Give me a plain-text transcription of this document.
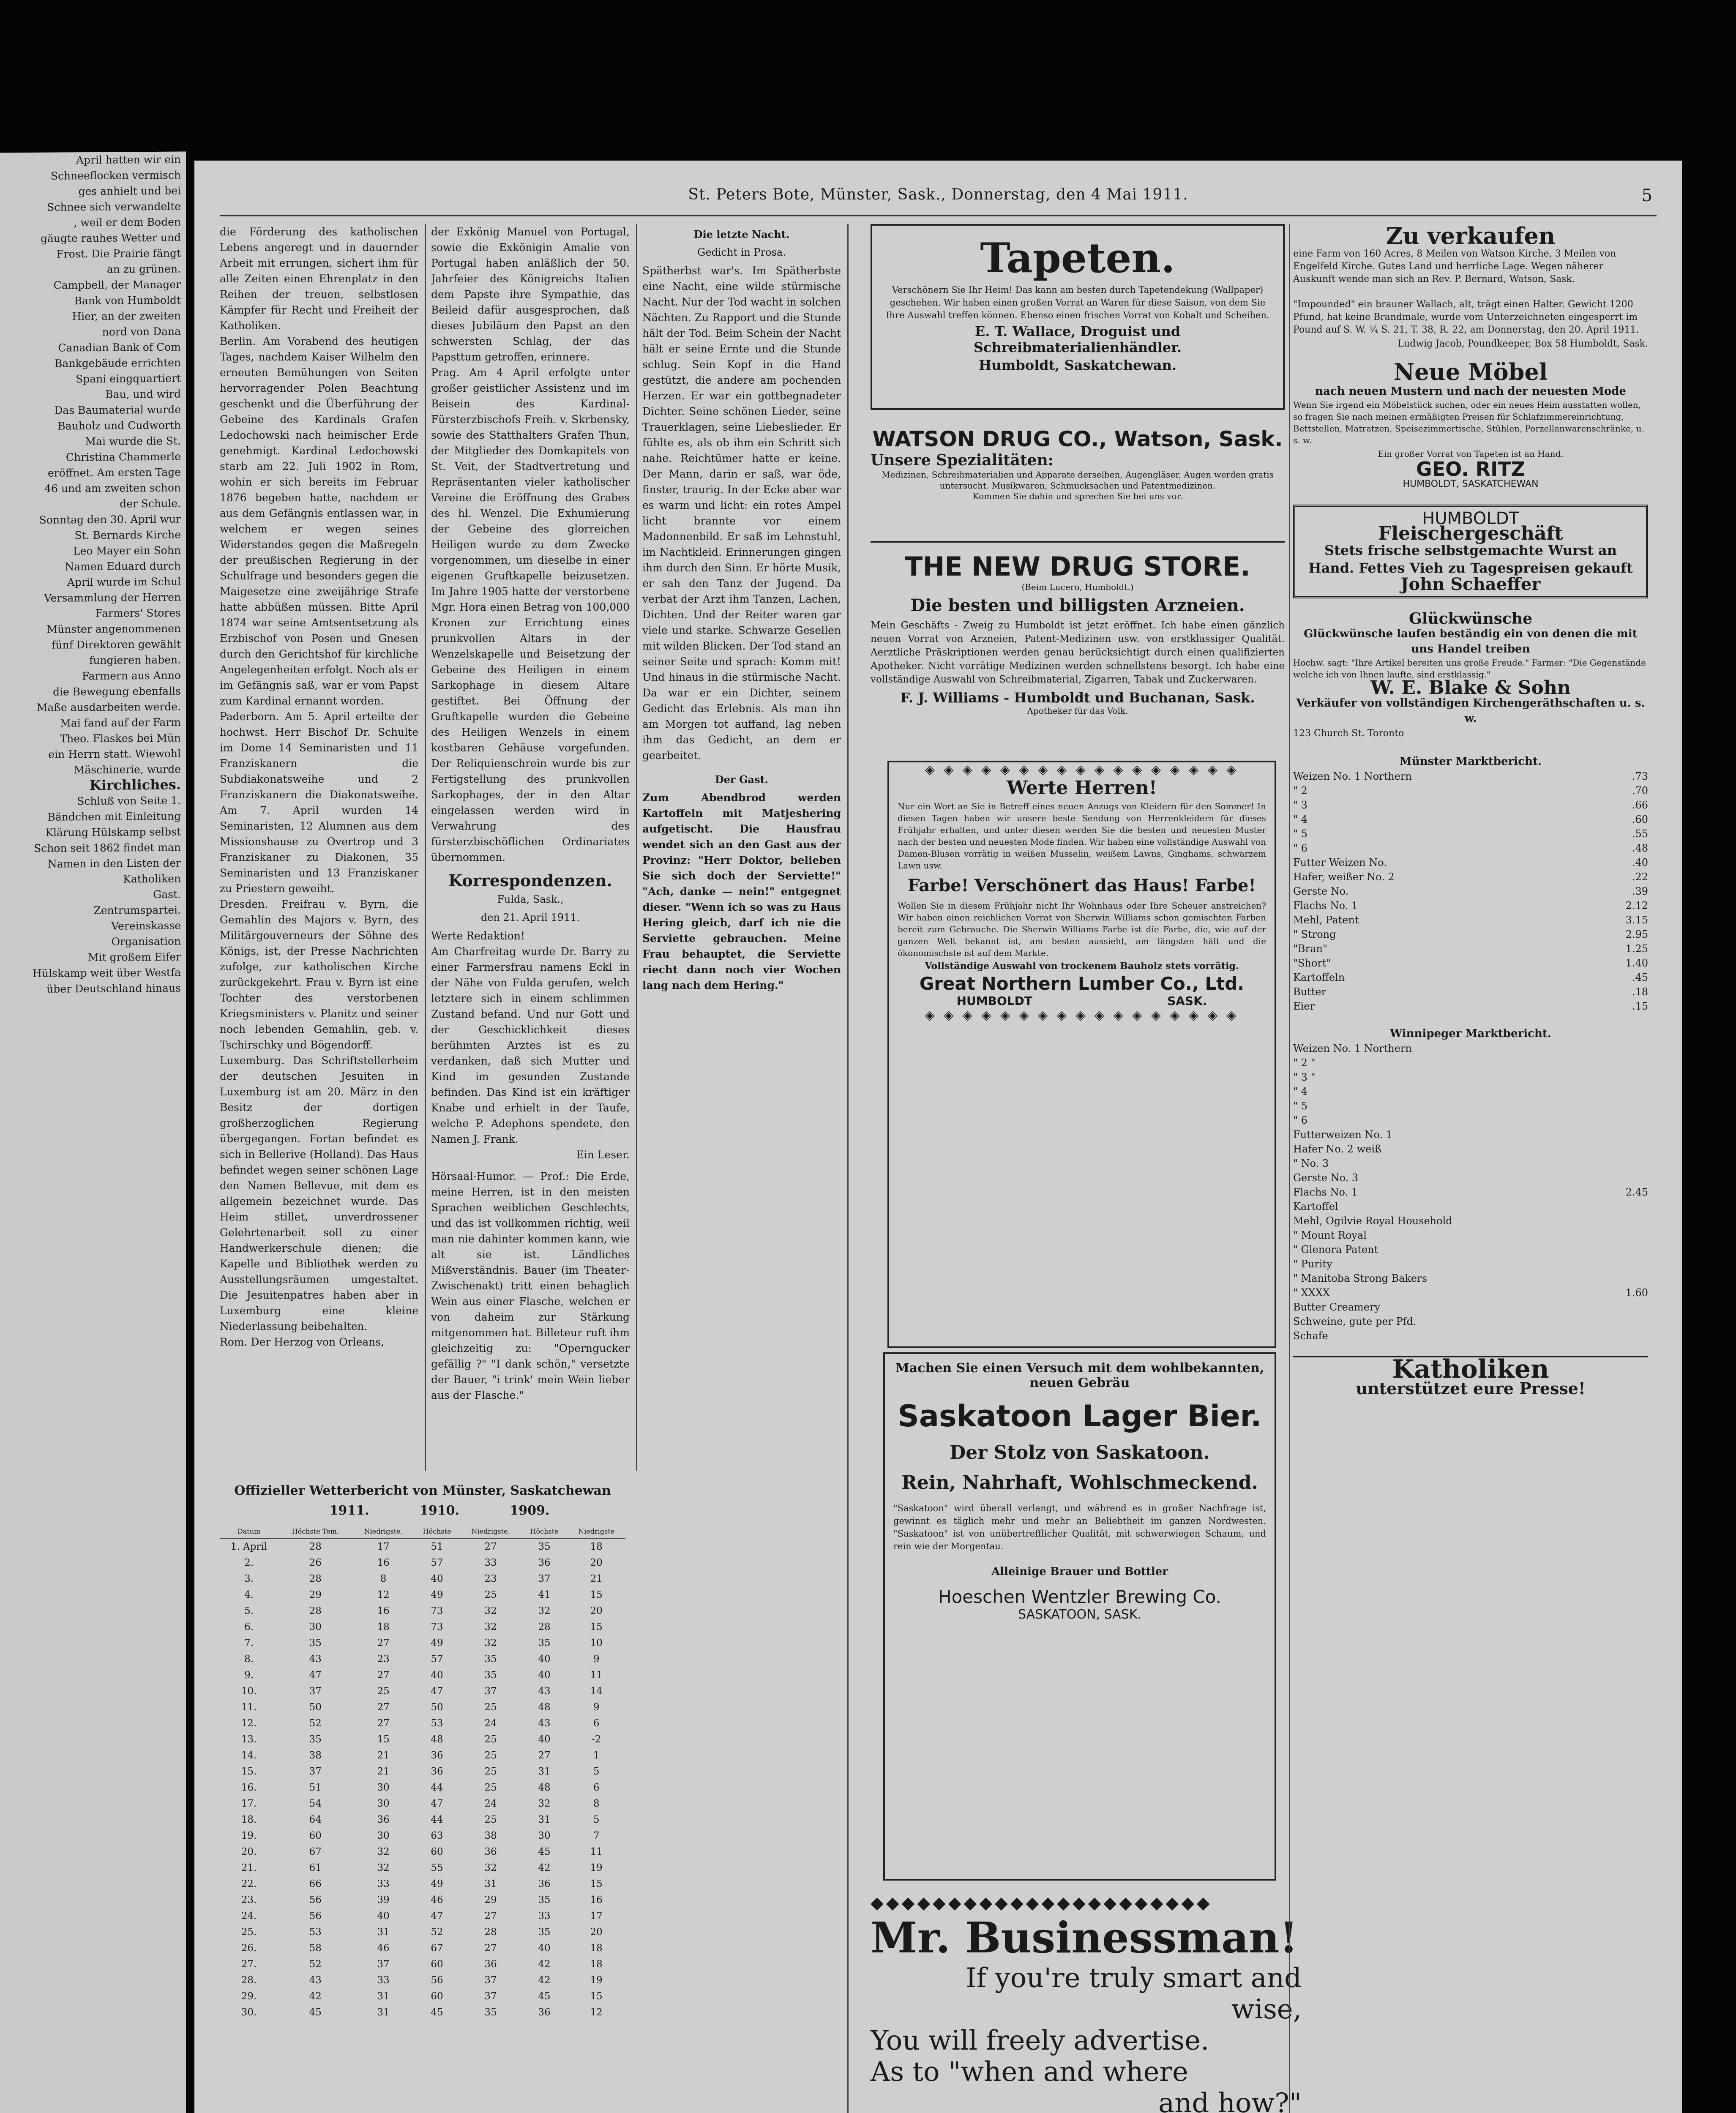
April hatten wir ein

Schneeflocken vermisch

ges anhielt und bei

Schnee sich verwandelte

, weil er dem Boden

gäugte rauhes Wetter und

Frost. Die Prairie fängt

an zu grünen.

Campbell, der Manager

Bank von Humboldt

Hier, an der zweiten

nord von Dana

Canadian Bank of Com

Bankgebäude errichten

Spani eingquartiert

Bau, und wird

Das Baumaterial wurde

Bauholz und Cudworth

Mai wurde die St.

Christina Chammerle

eröffnet. Am ersten Tage

46 und am zweiten schon

der Schule.

Sonntag den 30. April wur

St. Bernards Kirche

Leo Mayer ein Sohn

Namen Eduard durch

April wurde im Schul

Versammlung der Herren

Farmers' Stores

Münster angenommenen

fünf Direktoren gewählt

fungieren haben.

Farmern aus Anno

die Bewegung ebenfalls

Maße ausdarbeiten werde.

Mai fand auf der Farm

Theo. Flaskes bei Mün

ein Herrn statt. Wiewohl

Mäschinerie, wurde

Kirchliches.

Schluß von Seite 1.

Bändchen mit Einleitung

Klärung Hülskamp selbst

Schon seit 1862 findet man

Namen in den Listen der

Katholiken

Gast.

Zentrumspartei.

Vereinskasse

Organisation

Mit großem Eifer

Hülskamp weit über Westfa

über Deutschland hinaus

St. Peters Bote, Münster, Sask., Donnerstag, den 4 Mai 1911.	5

die Förderung des katholischen Lebens angeregt und in dauernder Arbeit mit errungen, sichert ihm für alle Zeiten einen Ehrenplatz in den Reihen der treuen, selbstlosen Kämpfer für Recht und Freiheit der Katholiken.

Berlin. Am Vorabend des heutigen Tages, nachdem Kaiser Wilhelm den erneuten Bemühungen von Seiten hervorragender Polen Beachtung geschenkt und die Überführung der Gebeine des Kardinals Grafen Ledochowski nach heimischer Erde genehmigt. Kardinal Ledochowski starb am 22. Juli 1902 in Rom, wohin er sich bereits im Februar 1876 begeben hatte, nachdem er aus dem Gefängnis entlassen war, in welchem er wegen seines Widerstandes gegen die Maßregeln der preußischen Regierung in der Schulfrage und besonders gegen die Maigesetze eine zweijährige Strafe hatte abbüßen müssen. Bitte April 1874 war seine Amtsentsetzung als Erzbischof von Posen und Gnesen durch den Gerichtshof für kirchliche Angelegenheiten erfolgt. Noch als er im Gefängnis saß, war er vom Papst zum Kardinal ernannt worden.

Paderborn. Am 5. April erteilte der hochwst. Herr Bischof Dr. Schulte im Dome 14 Seminaristen und 11 Franziskanern die Subdiakonatsweihe und 2 Franziskanern die Diakonatsweihe. Am 7. April wurden 14 Seminaristen, 12 Alumnen aus dem Missionshause zu Overtrop und 3 Franziskaner zu Diakonen, 35 Seminaristen und 13 Franziskaner zu Priestern geweiht.

Dresden. Freifrau v. Byrn, die Gemahlin des Majors v. Byrn, des Militärgouverneurs der Söhne des Königs, ist, der Presse Nachrichten zufolge, zur katholischen Kirche zurückgekehrt. Frau v. Byrn ist eine Tochter des verstorbenen Kriegsministers v. Planitz und seiner noch lebenden Gemahlin, geb. v. Tschirschky und Bögendorff.

Luxemburg. Das Schriftstellerheim der deutschen Jesuiten in Luxemburg ist am 20. März in den Besitz der dortigen großherzoglichen Regierung übergegangen. Fortan befindet es sich in Bellerive (Holland). Das Haus befindet wegen seiner schönen Lage den Namen Bellevue, mit dem es allgemein bezeichnet wurde. Das Heim stillet, unverdrossener Gelehrtenarbeit soll zu einer Handwerkerschule dienen; die Kapelle und Bibliothek werden zu Ausstellungsräumen umgestaltet. Die Jesuitenpatres haben aber in Luxemburg eine kleine Niederlassung beibehalten.

Rom. Der Herzog von Orleans,

der Exkönig Manuel von Portugal, sowie die Exkönigin Amalie von Portugal haben anläßlich der 50. Jahrfeier des Königreichs Italien dem Papste ihre Sympathie, das Beileid dafür ausgesprochen, daß dieses Jubiläum den Papst an den schwersten Schlag, der das Papsttum getroffen, erinnere.

Prag. Am 4 April erfolgte unter großer geistlicher Assistenz und im Beisein des Kardinal-Fürsterzbischofs Freih. v. Skrbensky, sowie des Statthalters Grafen Thun, der Mitglieder des Domkapitels von St. Veit, der Stadtvertretung und Repräsentanten vieler katholischer Vereine die Eröffnung des Grabes des hl. Wenzel. Die Exhumierung der Gebeine des glorreichen Heiligen wurde zu dem Zwecke vorgenommen, um dieselbe in einer eigenen Gruftkapelle beizusetzen. Im Jahre 1905 hatte der verstorbene Mgr. Hora einen Betrag von 100,000 Kronen zur Errichtung eines prunkvollen Altars in der Wenzelskapelle und Beisetzung der Gebeine des Heiligen in einem Sarkophage in diesem Altare gestiftet. Bei Öffnung der Gruftkapelle wurden die Gebeine des Heiligen Wenzels in einem kostbaren Gehäuse vorgefunden. Der Reliquienschrein wurde bis zur Fertigstellung des prunkvollen Sarkophages, der in den Altar eingelassen werden wird in Verwahrung des fürsterzbischöflichen Ordinariates übernommen.

Korrespondenzen.
Fulda, Sask.,
den 21. April 1911.

Werte Redaktion!

Am Charfreitag wurde Dr. Barry zu einer Farmersfrau namens Eckl in der Nähe von Fulda gerufen, welch letztere sich in einem schlimmen Zustand befand. Und nur Gott und der Geschicklichkeit dieses berühmten Arztes ist es zu verdanken, daß sich Mutter und Kind im gesunden Zustande befinden. Das Kind ist ein kräftiger Knabe und erhielt in der Taufe, welche P. Adephons spendete, den Namen J. Frank.

Ein Leser.

Hörsaal-Humor. — Prof.: Die Erde, meine Herren, ist in den meisten Sprachen weiblichen Geschlechts, und das ist vollkommen richtig, weil man nie dahinter kommen kann, wie alt sie ist. Ländliches Mißverständnis. Bauer (im Theater-Zwischenakt) tritt einen behaglich Wein aus einer Flasche, welchen er von daheim zur Stärkung mitgenommen hat. Billeteur ruft ihm gleichzeitig zu: "Operngucker gefällig ?" "I dank schön," versetzte der Bauer, "i trink' mein Wein lieber aus der Flasche."

Die letzte Nacht.
Gedicht in Prosa.

Spätherbst war's. Im Spätherbste eine Nacht, eine wilde stürmische Nacht. Nur der Tod wacht in solchen Nächten. Zu Rapport und die Stunde hält der Tod. Beim Schein der Nacht hält er seine Ernte und die Stunde schlug. Sein Kopf in die Hand gestützt, die andere am pochenden Herzen. Er war ein gottbegnadeter Dichter. Seine schönen Lieder, seine Trauerklagen, seine Liebeslieder. Er fühlte es, als ob ihm ein Schritt sich nahe. Reichtümer hatte er keine. Der Mann, darin er saß, war öde, finster, traurig. In der Ecke aber war es warm und licht: ein rotes Ampel licht brannte vor einem Madonnenbild. Er saß im Lehnstuhl, im Nachtkleid. Erinnerungen gingen ihm durch den Sinn. Er hörte Musik, er sah den Tanz der Jugend. Da verbat der Arzt ihm Tanzen, Lachen, Dichten. Und der Reiter waren gar viele und starke. Schwarze Gesellen mit wilden Blicken. Der Tod stand an seiner Seite und sprach: Komm mit! Und hinaus in die stürmische Nacht. Da war er ein Dichter, seinem Gedicht das Erlebnis. Als man ihn am Morgen tot auffand, lag neben ihm das Gedicht, an dem er gearbeitet.

Der Gast.

Zum Abendbrod werden Kartoffeln mit Matjeshering aufgetischt. Die Hausfrau wendet sich an den Gast aus der Provinz: "Herr Doktor, belieben Sie sich doch der Serviette!" "Ach, danke — nein!" entgegnet dieser. "Wenn ich so was zu Haus Hering gleich, darf ich nie die Serviette gebrauchen. Meine Frau behauptet, die Serviette riecht dann noch vier Wochen lang nach dem Hering."

Offizieller Wetterbericht von Münster, Saskatchewan
1911.	1910.	1909.
Datum	Höchste Tem.	Niedrigste.	Höchste	Niedrigste.	Höchste	Niedrigste
1. April	28	17	51	27	35	18
2.	26	16	57	33	36	20
3.	28	8	40	23	37	21
4.	29	12	49	25	41	15
5.	28	16	73	32	32	20
6.	30	18	73	32	28	15
7.	35	27	49	32	35	10
8.	43	23	57	35	40	9
9.	47	27	40	35	40	11
10.	37	25	47	37	43	14
11.	50	27	50	25	48	9
12.	52	27	53	24	43	6
13.	35	15	48	25	40	-2
14.	38	21	36	25	27	1
15.	37	21	36	25	31	5
16.	51	30	44	25	48	6
17.	54	30	47	24	32	8
18.	64	36	44	25	31	5
19.	60	30	63	38	30	7
20.	67	32	60	36	45	11
21.	61	32	55	32	42	19
22.	66	33	49	31	36	15
23.	56	39	46	29	35	16
24.	56	40	47	27	33	17
25.	53	31	52	28	35	20
26.	58	46	67	27	40	18
27.	52	37	60	36	42	18
28.	43	33	56	37	42	19
29.	42	31	60	37	45	15
30.	45	31	45	35	36	12
Tapeten.

Verschönern Sie Ihr Heim! Das kann am besten durch Tapetendekung (Wallpaper) geschehen. Wir haben einen großen Vorrat an Waren für diese Saison, von dem Sie Ihre Auswahl treffen können. Ebenso einen frischen Vorrat von Kobalt und Scheiben.

E. T. Wallace, Droguist und Schreibmaterialienhändler.

Humboldt, Saskatchewan.

WATSON DRUG CO., Watson, Sask.
Unsere Spezialitäten:
Medizinen, Schreibmaterialien und Apparate derselben, Augengläser, Augen werden gratis untersucht. Musikwaren, Schmucksachen und Patentmedizinen.
Kommen Sie dahin und sprechen Sie bei uns vor.
THE NEW DRUG STORE.
(Beim Lucero, Humboldt.)
Die besten und billigsten Arzneien.
Mein Geschäfts - Zweig zu Humboldt ist jetzt eröffnet. Ich habe einen gänzlich neuen Vorrat von Arzneien, Patent-Medizinen usw. von erstklassiger Qualität. Aerztliche Präskriptionen werden genau berücksichtigt durch einen qualifizierten Apotheker. Nicht vorrätige Medizinen werden schnellstens besorgt. Ich habe eine vollständige Auswahl von Schreibmaterial, Zigarren, Tabak und Zuckerwaren.
F. J. Williams - Humboldt und Buchanan, Sask.
Apotheker für das Volk.
◈ ◈ ◈ ◈ ◈ ◈ ◈ ◈ ◈ ◈ ◈ ◈ ◈ ◈ ◈ ◈ ◈
Werte Herren!

Nur ein Wort an Sie in Betreff eines neuen Anzugs von Kleidern für den Sommer! In diesen Tagen haben wir unsere beste Sendung von Herrenkleidern für dieses Frühjahr erhalten, und unter diesen werden Sie die besten und neuesten Muster nach der besten und neuesten Mode finden. Wir haben eine vollständige Auswahl von Damen-Blusen vorrätig in weißen Musselin, weißem Lawns, Ginghams, schwarzem Lawn usw.

Farbe! Verschönert das Haus! Farbe!

Wollen Sie in diesem Frühjahr nicht Ihr Wohnhaus oder Ihre Scheuer anstreichen? Wir haben einen reichlichen Vorrat von Sherwin Williams schon gemischten Farben bereit zum Gebrauche. Die Sherwin Williams Farbe ist die Farbe, die, wie auf der ganzen Welt bekannt ist, am besten aussieht, am längsten hält und die ökonomischste ist auf dem Markte.

Vollständige Auswahl von trockenem Bauholz stets vorrätig.

Great Northern Lumber Co., Ltd.
HUMBOLDT	SASK.
◈ ◈ ◈ ◈ ◈ ◈ ◈ ◈ ◈ ◈ ◈ ◈ ◈ ◈ ◈ ◈ ◈

Machen Sie einen Versuch mit dem wohlbekannten, neuen Gebräu

Saskatoon Lager Bier.
Der Stolz von Saskatoon.
Rein, Nahrhaft, Wohlschmeckend.

"Saskatoon" wird überall verlangt, und während es in großer Nachfrage ist, gewinnt es täglich mehr und mehr an Beliebtheit im ganzen Nordwesten. "Saskatoon" ist von unübertrefflicher Qualität, mit schwerwiegen Schaum, und rein wie der Morgentau.

Alleinige Brauer und Bottler

Hoeschen Wentzler Brewing Co.
SASKATOON, SASK.
◆◆◆◆◆◆◆◆◆◆◆◆◆◆◆◆◆◆◆◆◆◆
Mr. Businessman!
If you're truly smart and
wise,
You will freely advertise.
As to "when and where
and how?"
Zu verkaufen
eine Farm von 160 Acres, 8 Meilen von Watson Kirche, 3 Meilen von Engelfeld Kirche. Gutes Land und herrliche Lage. Wegen näherer Auskunft wende man sich an Rev. P. Bernard, Watson, Sask.
"Impounded" ein brauner Wallach, alt, trägt einen Halter. Gewicht 1200 Pfund, hat keine Brandmale, wurde vom Unterzeichneten eingesperrt im Pound auf S. W. ¼ S. 21, T. 38, R. 22, am Donnerstag, den 20. April 1911.
Ludwig Jacob, Poundkeeper, Box 58 Humboldt, Sask.
Neue Möbel
nach neuen Mustern und nach der neuesten Mode
Wenn Sie irgend ein Möbelstück suchen, oder ein neues Heim ausstatten wollen, so fragen Sie nach meinen ermäßigten Preisen für Schlafzimmereinrichtung, Bettstellen, Matratzen, Speisezimmertische, Stühlen, Porzellanwarenschränke, u. s. w.
Ein großer Vorrat von Tapeten ist an Hand.
GEO. RITZ
HUMBOLDT, SASKATCHEWAN
HUMBOLDT
Fleischergeschäft
Stets frische selbstgemachte Wurst an Hand. Fettes Vieh zu Tagespreisen gekauft
John Schaeffer
Glückwünsche
Glückwünsche laufen beständig ein von denen die mit uns Handel treiben
Hochw. sagt: "Ihre Artikel bereiten uns große Freude." Farmer: "Die Gegenstände welche ich von Ihnen laufte, sind erstklassig."
W. E. Blake & Sohn
Verkäufer von vollständigen Kirchengeräthschaften u. s. w.
123 Church St. Toronto
Münster Marktbericht.
Weizen No. 1 Northern	.73
" 2	.70
" 3	.66
" 4	.60
" 5	.55
" 6	.48
Futter Weizen No.	.40
Hafer, weißer No. 2	.22
Gerste No.	.39
Flachs No. 1	2.12
Mehl, Patent	3.15
" Strong	2.95
"Bran"	1.25
"Short"	1.40
Kartoffeln	.45
Butter	.18
Eier	.15
Winnipeger Marktbericht.
Weizen No. 1 Northern
" 2 "
" 3 "
" 4
" 5
" 6
Futterweizen No. 1
Hafer No. 2 weiß
" No. 3
Gerste No. 3
Flachs No. 1	2.45
Kartoffel
Mehl, Ogilvie Royal Household
" Mount Royal
" Glenora Patent
" Purity
" Manitoba Strong Bakers
" XXXX	1.60
Butter Creamery
Schweine, gute per Pfd.
Schafe
Katholiken
unterstützet eure Presse!
